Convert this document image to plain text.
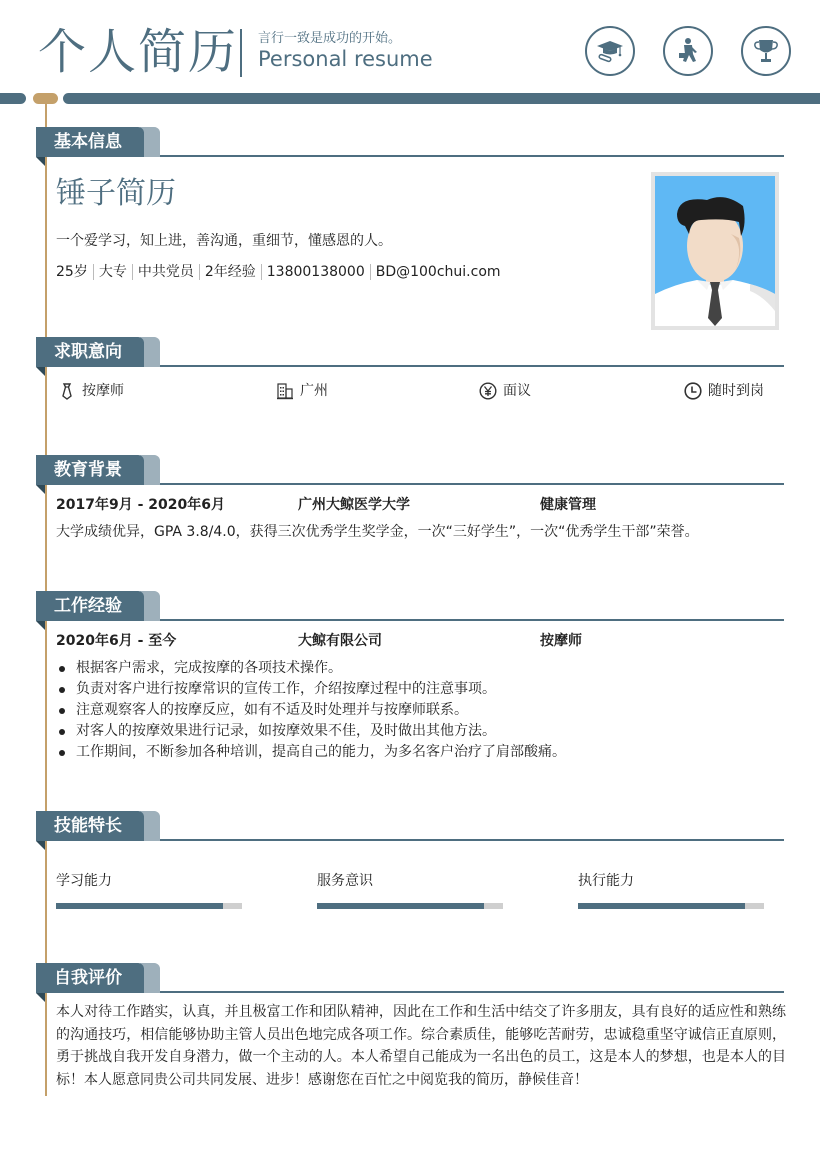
个人简历 言行一致是成功的开始。
Personal resume
基本信息
锤子简历
一个爱学习，知上进，善沟通，重细节，懂感恩的人。
25岁 大专 中共党员 2年经验 13800138000 BD@100chui.com
求职意向
按摩师	广州	面议	随时到岗
教育背景
2017年9月 - 2020年6月	广州大鲸医学大学	健康管理
大学成绩优异，GPA 3.8/4.0，获得三次优秀学生奖学金，一次“三好学生”，一次“优秀学生干部”荣誉。
工作经验
2020年6月 - 至今	大鲸有限公司	按摩师
根据客户需求，完成按摩的各项技术操作。
负责对客户进行按摩常识的宣传工作，介绍按摩过程中的注意事项。
注意观察客人的按摩反应，如有不适及时处理并与按摩师联系。
对客人的按摩效果进行记录，如按摩效果不佳，及时做出其他方法。
工作期间，不断参加各种培训，提高自己的能力，为多名客户治疗了肩部酸痛。
技能特长
学习能力	服务意识	执行能力
自我评价
本人对待工作踏实，认真，并且极富工作和团队精神，因此在工作和生活中结交了许多朋友，具有良好的适应性和熟练的沟通技巧，相信能够协助主管人员出色地完成各项工作。综合素质佳，能够吃苦耐劳，忠诚稳重坚守诚信正直原则，勇于挑战自我开发自身潜力，做一个主动的人。本人希望自己能成为一名出色的员工，这是本人的梦想，也是本人的目标！本人愿意同贵公司共同发展、进步！感谢您在百忙之中阅览我的简历，静候佳音！
